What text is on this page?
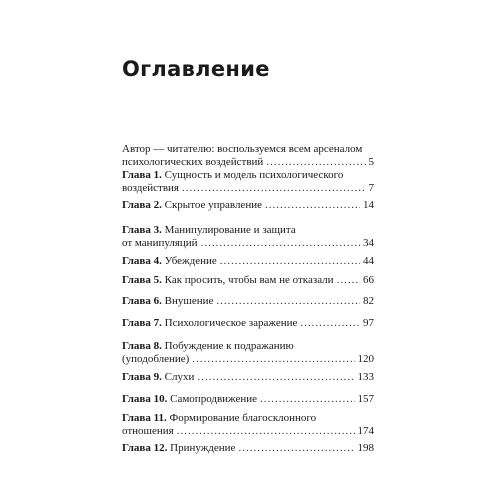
Оглавление
Автор — читателю: воспользуемся всем арсеналом
психологических воздействий .....	5
Глава 1. Сущность и модель психологического
воздействия .....	7
Глава 2. Скрытое управление .....	14
Глава 3. Манипулирование и защита
от манипуляций .....	34
Глава 4. Убеждение .....	44
Глава 5. Как просить, чтобы вам не отказали .....	66
Глава 6. Внушение .....	82
Глава 7. Психологическое заражение .....	97
Глава 8. Побуждение к подражанию
(уподобление) .....	120
Глава 9. Слухи .....	133
Глава 10. Самопродвижение .....	157
Глава 11. Формирование благосклонного
отношения .....	174
Глава 12. Принуждение .....	198
